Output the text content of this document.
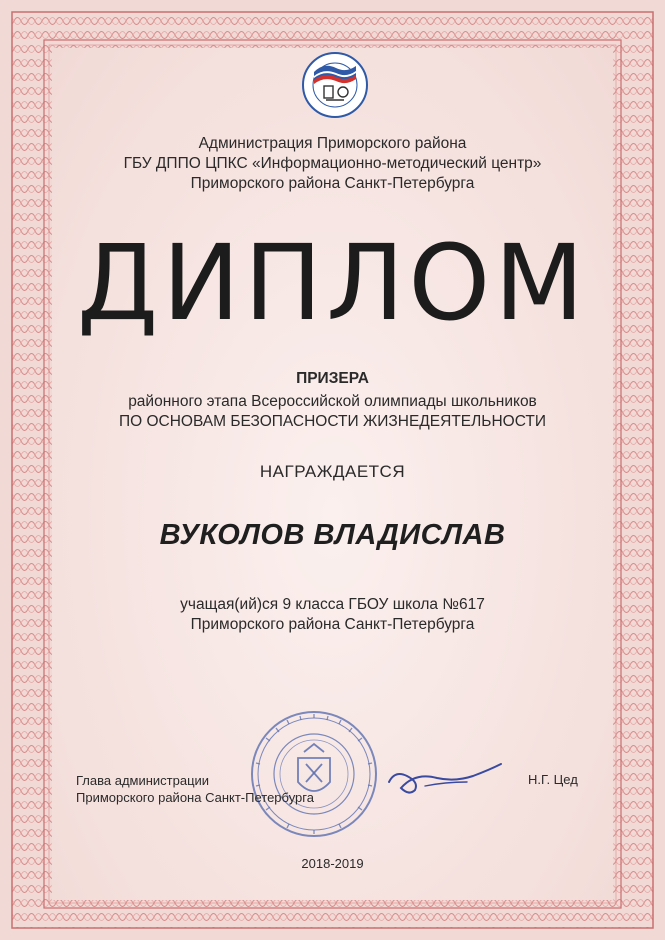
Администрация Приморского района
ГБУ ДППО ЦПКС «Информационно-методический центр»
Приморского района Санкт-Петербурга
ДИПЛОМ
ПРИЗЕРА
районного этапа Всероссийской олимпиады школьников
ПО ОСНОВАМ БЕЗОПАСНОСТИ ЖИЗНЕДЕЯТЕЛЬНОСТИ
НАГРАЖДАЕТСЯ
ВУКОЛОВ ВЛАДИСЛАВ
учащая(ий)ся 9 класса ГБОУ школа №617
Приморского района Санкт-Петербурга
Глава администрации
Приморского района Санкт-Петербурга
Н.Г. Цед
2018-2019
